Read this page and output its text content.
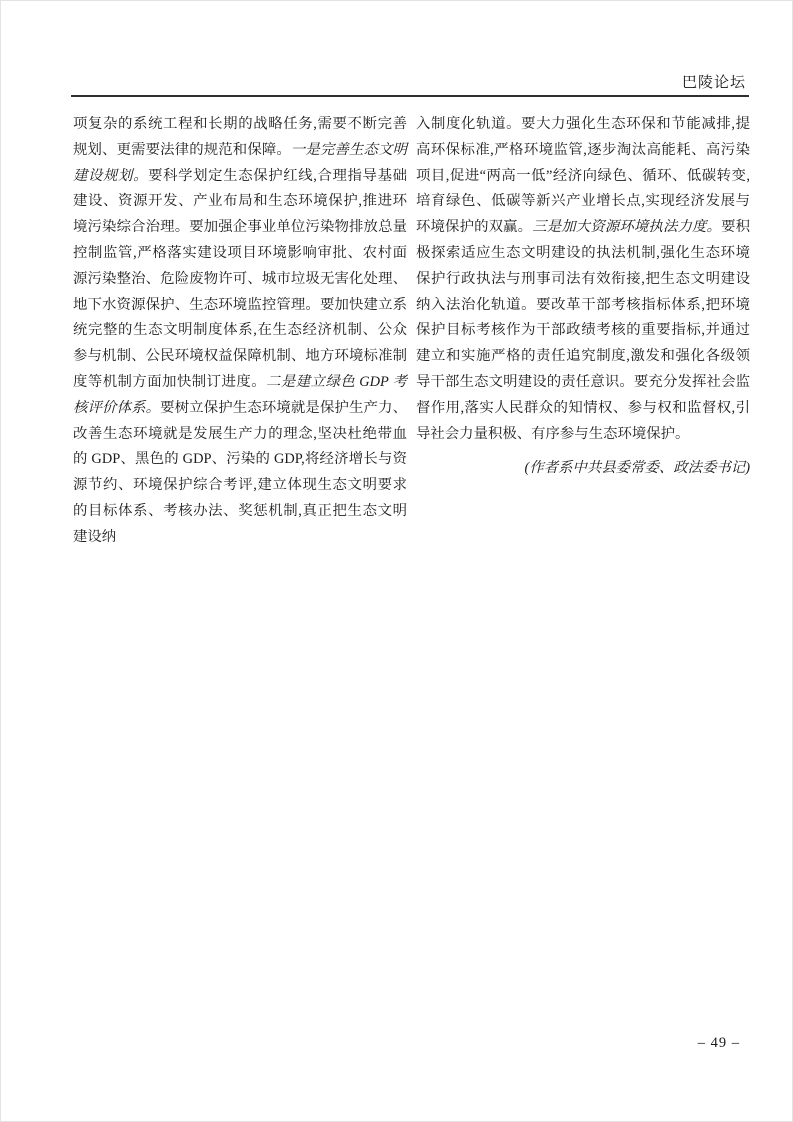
巴陵论坛

项复杂的系统工程和长期的战略任务,需要不断完善规划、更需要法律的规范和保障。一是完善生态文明建设规划。要科学划定生态保护红线,合理指导基础建设、资源开发、产业布局和生态环境保护,推进环境污染综合治理。要加强企事业单位污染物排放总量控制监管,严格落实建设项目环境影响审批、农村面源污染整治、危险废物许可、城市垃圾无害化处理、地下水资源保护、生态环境监控管理。要加快建立系统完整的生态文明制度体系,在生态经济机制、公众参与机制、公民环境权益保障机制、地方环境标准制度等机制方面加快制订进度。二是建立绿色 GDP 考核评价体系。要树立保护生态环境就是保护生产力、改善生态环境就是发展生产力的理念,坚决杜绝带血的 GDP、黑色的 GDP、污染的 GDP,将经济增长与资源节约、环境保护综合考评,建立体现生态文明要求的目标体系、考核办法、奖惩机制,真正把生态文明建设纳

入制度化轨道。要大力强化生态环保和节能减排,提高环保标准,严格环境监管,逐步淘汰高能耗、高污染项目,促进“两高一低”经济向绿色、循环、低碳转变,培育绿色、低碳等新兴产业增长点,实现经济发展与环境保护的双赢。三是加大资源环境执法力度。要积极探索适应生态文明建设的执法机制,强化生态环境保护行政执法与刑事司法有效衔接,把生态文明建设纳入法治化轨道。要改革干部考核指标体系,把环境保护目标考核作为干部政绩考核的重要指标,并通过建立和实施严格的责任追究制度,激发和强化各级领导干部生态文明建设的责任意识。要充分发挥社会监督作用,落实人民群众的知情权、参与权和监督权,引导社会力量积极、有序参与生态环境保护。

(作者系中共县委常委、政法委书记)

– 49 –
